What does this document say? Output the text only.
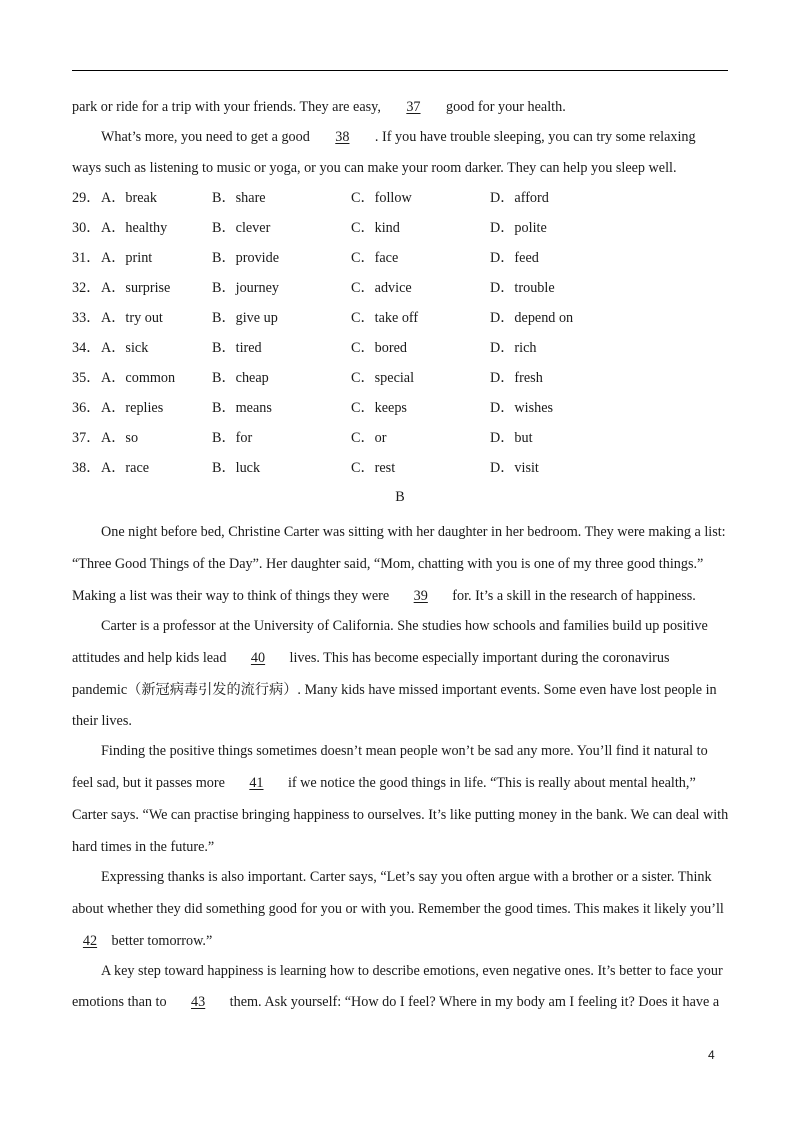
park or ride for a trip with your friends. They are easy, 37 good for your health.
What’s more, you need to get a good 38 . If you have trouble sleeping, you can try some relaxing
ways such as listening to music or yoga, or you can make your room darker. They can help you sleep well.
29． A．break	B．share	C．follow	D．afford
30． A．healthy	B．clever	C．kind	D．polite
31． A．print	B．provide	C．face	D．feed
32． A．surprise	B．journey	C．advice	D．trouble
33． A．try out	B．give up	C．take off	D．depend on
34． A．sick	B．tired	C．bored	D．rich
35． A．common	B．cheap	C．special	D．fresh
36． A．replies	B．means	C．keeps	D．wishes
37． A．so	B．for	C．or	D．but
38． A．race	B．luck	C．rest	D．visit
B
One night before bed, Christine Carter was sitting with her daughter in her bedroom. They were making a list:
“Three Good Things of the Day”. Her daughter said, “Mom, chatting with you is one of my three good things.”
Making a list was their way to think of things they were 39 for. It’s a skill in the research of happiness.
Carter is a professor at the University of California. She studies how schools and families build up positive
attitudes and help kids lead 40 lives. This has become especially important during the coronavirus
pandemic（新冠病毒引发的流行病）. Many kids have missed important events. Some even have lost people in
their lives.
Finding the positive things sometimes doesn’t mean people won’t be sad any more. You’ll find it natural to
feel sad, but it passes more 41 if we notice the good things in life. “This is really about mental health,”
Carter says. “We can practise bringing happiness to ourselves. It’s like putting money in the bank. We can deal with
hard times in the future.”
Expressing thanks is also important. Carter says, “Let’s say you often argue with a brother or a sister. Think
about whether they did something good for you or with you. Remember the good times. This makes it likely you’ll
42 better tomorrow.”
A key step toward happiness is learning how to describe emotions, even negative ones. It’s better to face your
emotions than to 43 them. Ask yourself: “How do I feel? Where in my body am I feeling it? Does it have a
4
